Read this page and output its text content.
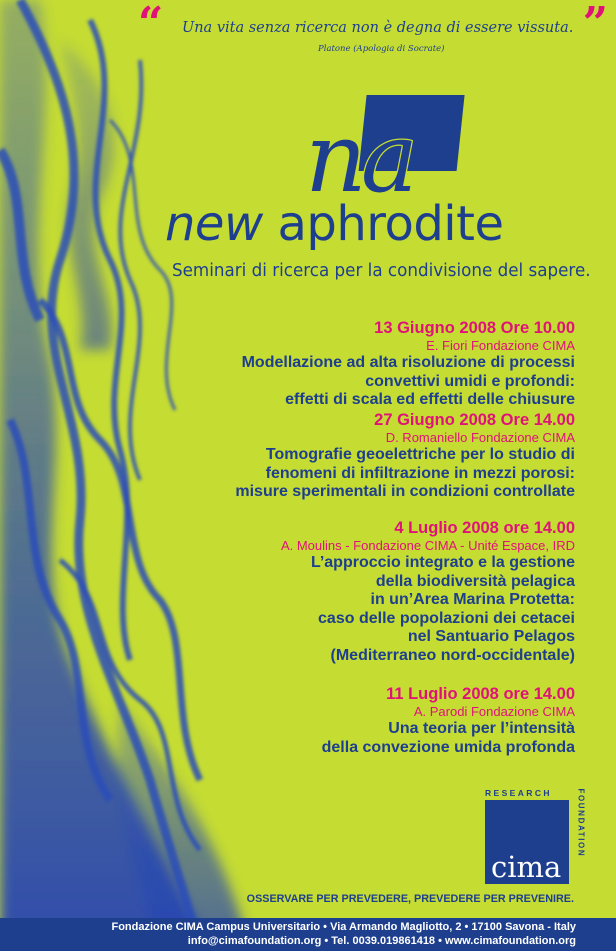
“ Una vita senza ricerca non è degna di essere vissuta.
Platone (Apologia di Socrate)	”
na
new aphrodite
Seminari di ricerca per la condivisione del sapere.
13 Giugno 2008 Ore 10.00
E. Fiori Fondazione CIMA
Modellazione ad alta risoluzione di processi
convettivi umidi e profondi:
effetti di scala ed effetti delle chiusure
27 Giugno 2008 Ore 14.00
D. Romaniello Fondazione CIMA
Tomografie geoelettriche per lo studio di
fenomeni di infiltrazione in mezzi porosi:
misure sperimentali in condizioni controllate
4 Luglio 2008 ore 14.00
A. Moulins - Fondazione CIMA - Unité Espace, IRD
L’approccio integrato e la gestione
della biodiversità pelagica
in un’Area Marina Protetta:
caso delle popolazioni dei cetacei
nel Santuario Pelagos
(Mediterraneo nord-occidentale)
11 Luglio 2008 ore 14.00
A. Parodi Fondazione CIMA
Una teoria per l’intensità
della convezione umida profonda
RESEARCH
cima
FOUNDATION
OSSERVARE PER PREVEDERE, PREVEDERE PER PREVENIRE.
Fondazione CIMA Campus Universitario • Via Armando Magliotto, 2 • 17100 Savona - Italy
info@cimafoundation.org • Tel. 0039.019861418 • www.cimafoundation.org
